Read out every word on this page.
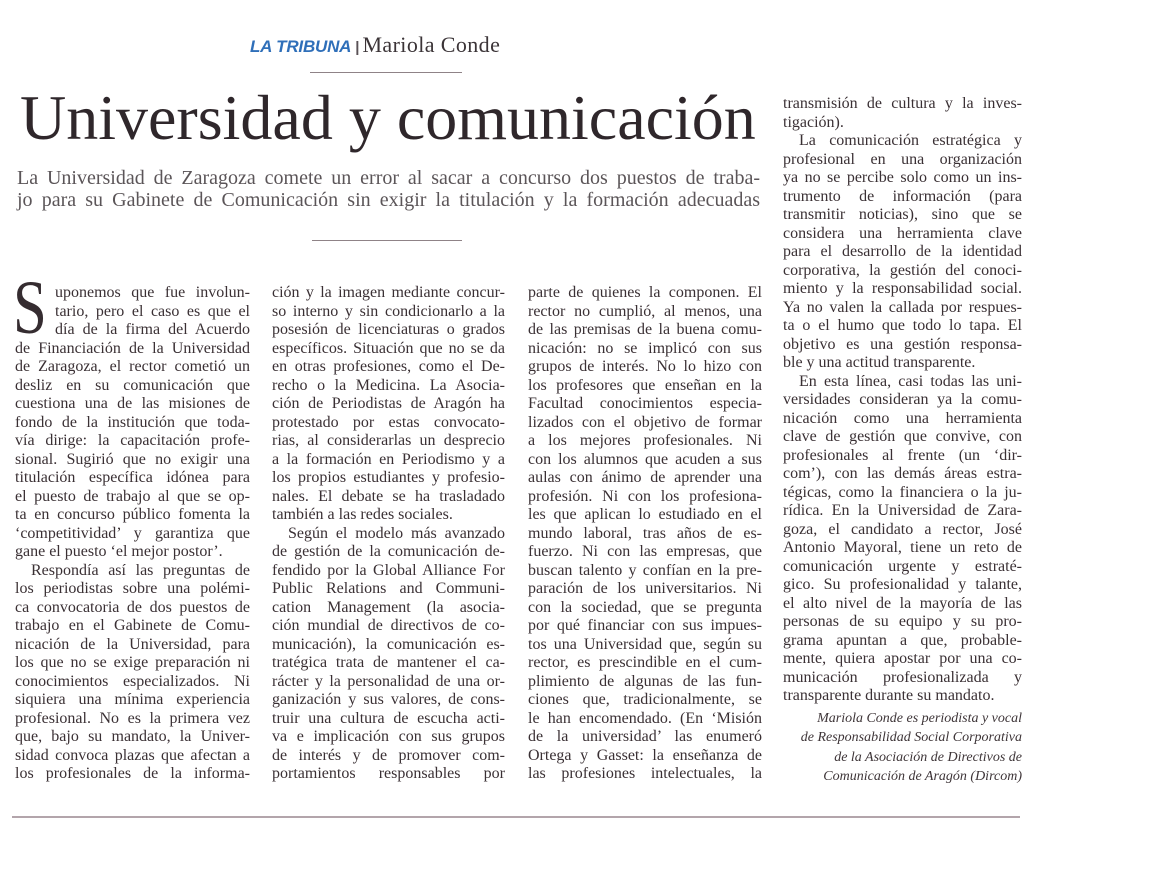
LA TRIBUNA | Mariola Conde
Universidad y comunicación
La Universidad de Zaragoza comete un error al sacar a concurso dos puestos de traba-
jo para su Gabinete de Comunicación sin exigir la titulación y la formación adecuadas
S uponemos que fue involun-
tario, pero el caso es que el
día de la firma del Acuerdo
de Financiación de la Universidad
de Zaragoza, el rector cometió un
desliz en su comunicación que
cuestiona una de las misiones de
fondo de la institución que toda-
vía dirige: la capacitación profe-
sional. Sugirió que no exigir una
titulación específica idónea para
el puesto de trabajo al que se op-
ta en concurso público fomenta la
‘competitividad’ y garantiza que
gane el puesto ‘el mejor postor’.
Respondía así las preguntas de
los periodistas sobre una polémi-
ca convocatoria de dos puestos de
trabajo en el Gabinete de Comu-
nicación de la Universidad, para
los que no se exige preparación ni
conocimientos especializados. Ni
siquiera una mínima experiencia
profesional. No es la primera vez
que, bajo su mandato, la Univer-
sidad convoca plazas que afectan a
los profesionales de la informa-
ción y la imagen mediante concur-
so interno y sin condicionarlo a la
posesión de licenciaturas o grados
específicos. Situación que no se da
en otras profesiones, como el De-
recho o la Medicina. La Asocia-
ción de Periodistas de Aragón ha
protestado por estas convocato-
rias, al considerarlas un desprecio
a la formación en Periodismo y a
los propios estudiantes y profesio-
nales. El debate se ha trasladado
también a las redes sociales.
Según el modelo más avanzado
de gestión de la comunicación de-
fendido por la Global Alliance For
Public Relations and Communi-
cation Management (la asocia-
ción mundial de directivos de co-
municación), la comunicación es-
tratégica trata de mantener el ca-
rácter y la personalidad de una or-
ganización y sus valores, de cons-
truir una cultura de escucha acti-
va e implicación con sus grupos
de interés y de promover com-
portamientos responsables por
parte de quienes la componen. El
rector no cumplió, al menos, una
de las premisas de la buena comu-
nicación: no se implicó con sus
grupos de interés. No lo hizo con
los profesores que enseñan en la
Facultad conocimientos especia-
lizados con el objetivo de formar
a los mejores profesionales. Ni
con los alumnos que acuden a sus
aulas con ánimo de aprender una
profesión. Ni con los profesiona-
les que aplican lo estudiado en el
mundo laboral, tras años de es-
fuerzo. Ni con las empresas, que
buscan talento y confían en la pre-
paración de los universitarios. Ni
con la sociedad, que se pregunta
por qué financiar con sus impues-
tos una Universidad que, según su
rector, es prescindible en el cum-
plimiento de algunas de las fun-
ciones que, tradicionalmente, se
le han encomendado. (En ‘Misión
de la universidad’ las enumeró
Ortega y Gasset: la enseñanza de
las profesiones intelectuales, la
transmisión de cultura y la inves-
tigación).
La comunicación estratégica y
profesional en una organización
ya no se percibe solo como un ins-
trumento de información (para
transmitir noticias), sino que se
considera una herramienta clave
para el desarrollo de la identidad
corporativa, la gestión del conoci-
miento y la responsabilidad social.
Ya no valen la callada por respues-
ta o el humo que todo lo tapa. El
objetivo es una gestión responsa-
ble y una actitud transparente.
En esta línea, casi todas las uni-
versidades consideran ya la comu-
nicación como una herramienta
clave de gestión que convive, con
profesionales al frente (un ‘dir-
com’), con las demás áreas estra-
tégicas, como la financiera o la ju-
rídica. En la Universidad de Zara-
goza, el candidato a rector, José
Antonio Mayoral, tiene un reto de
comunicación urgente y estraté-
gico. Su profesionalidad y talante,
el alto nivel de la mayoría de las
personas de su equipo y su pro-
grama apuntan a que, probable-
mente, quiera apostar por una co-
municación profesionalizada y
transparente durante su mandato.
Mariola Conde es periodista y vocal
de Responsabilidad Social Corporativa
de la Asociación de Directivos de
Comunicación de Aragón (Dircom)
